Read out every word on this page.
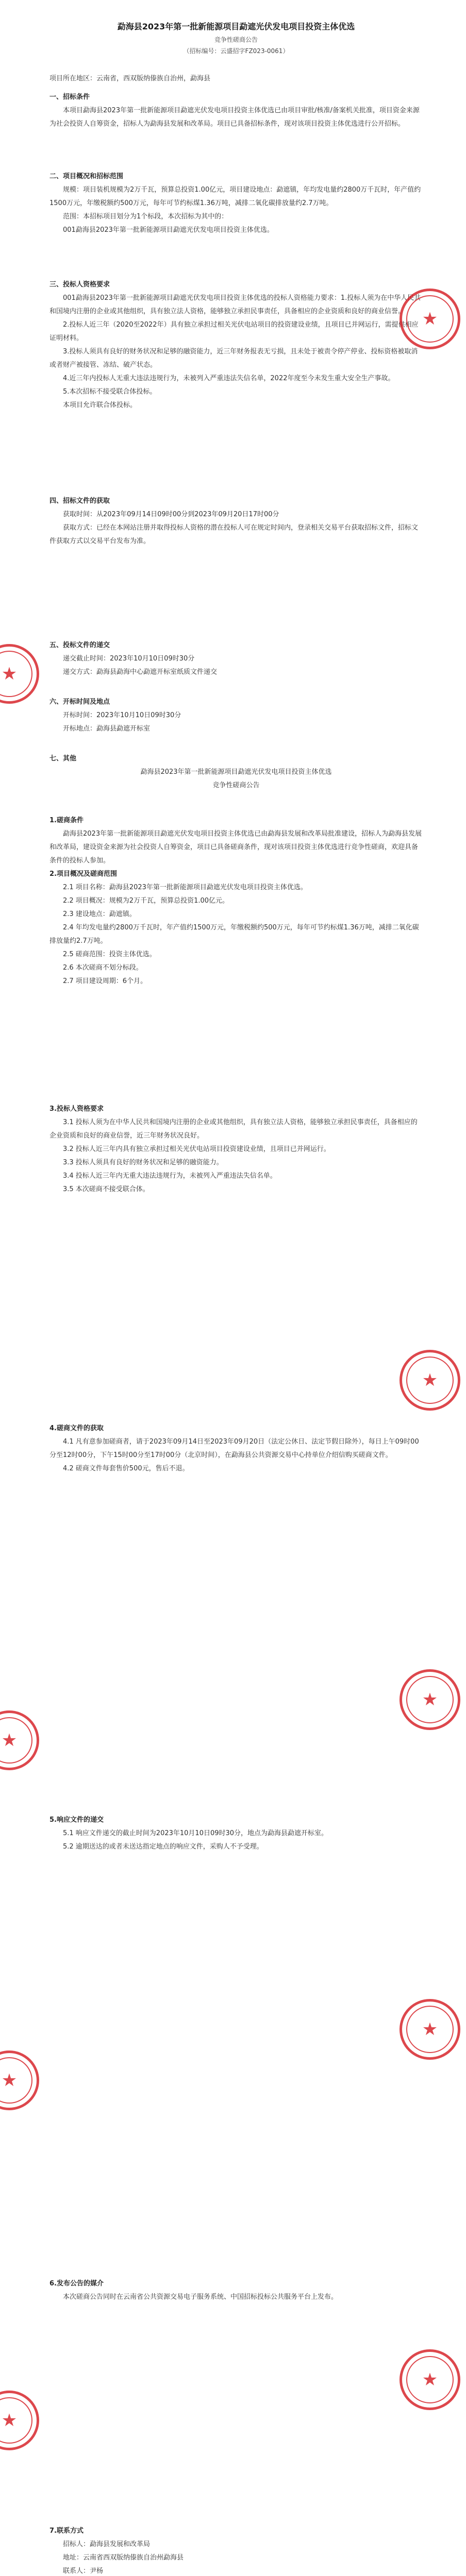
勐海县2023年第一批新能源项目勐遮光伏发电项目投资主体优选
竞争性磋商公告
（招标编号：云盛招字FZ023-0061）

项目所在地区：云南省，西双版纳傣族自治州，勐海县

一、招标条件

本项目勐海县2023年第一批新能源项目勐遮光伏发电项目投资主体优选已由项目审批/核准/备案机关批准，项目资金来源为社会投资人自筹资金，招标人为勐海县发展和改革局。项目已具备招标条件，现对该项目投资主体优选进行公开招标。

二、项目概况和招标范围

规模：项目装机规模为2万千瓦，预算总投资1.00亿元，项目建设地点：勐遮镇，年均发电量约2800万千瓦时，年产值约1500万元，年缴税额约500万元，每年可节约标煤1.36万吨，减排二氧化碳排放量约2.7万吨。

范围：本招标项目划分为1个标段，本次招标为其中的：

001勐海县2023年第一批新能源项目勐遮光伏发电项目投资主体优选。

三、投标人资格要求

001勐海县2023年第一批新能源项目勐遮光伏发电项目投资主体优选的投标人资格能力要求：1.投标人须为在中华人民共和国境内注册的企业或其他组织，具有独立法人资格，能够独立承担民事责任，具备相应的企业资质和良好的商业信誉。

2.投标人近三年（2020至2022年）具有独立承担过相关光伏电站项目的投资建设业绩，且项目已并网运行，需提供相应证明材料。

3.投标人须具有良好的财务状况和足够的融资能力，近三年财务报表无亏损，且未处于被责令停产停业、投标资格被取消或者财产被接管、冻结、破产状态。

4.近三年内投标人无重大违法违规行为，未被列入严重违法失信名单，2022年度至今未发生重大安全生产事故。

5.本次招标不接受联合体投标。

本项目允许联合体投标。

四、招标文件的获取

获取时间：从2023年09月14日09时00分到2023年09月20日17时00分

获取方式：已经在本网站注册并取得投标人资格的潜在投标人可在规定时间内，登录相关交易平台获取招标文件，招标文件获取方式以交易平台发布为准。

五、投标文件的递交

递交截止时间：2023年10月10日09时30分

递交方式：勐海县勐海中心勐遮开标室纸质文件递交

六、开标时间及地点

开标时间：2023年10月10日09时30分

开标地点：勐海县勐遮开标室

七、其他

勐海县2023年第一批新能源项目勐遮光伏发电项目投资主体优选

竞争性磋商公告

1.磋商条件

勐海县2023年第一批新能源项目勐遮光伏发电项目投资主体优选已由勐海县发展和改革局批准建设，招标人为勐海县发展和改革局，建设资金来源为社会投资人自筹资金，项目已具备磋商条件，现对该项目投资主体优选进行竞争性磋商，欢迎具备条件的投标人参加。

2.项目概况及磋商范围

2.1 项目名称：勐海县2023年第一批新能源项目勐遮光伏发电项目投资主体优选。

2.2 项目概况：规模为2万千瓦，预算总投资1.00亿元。

2.3 建设地点：勐遮镇。

2.4 年均发电量约2800万千瓦时，年产值约1500万元，年缴税额约500万元，每年可节约标煤1.36万吨，减排二氧化碳排放量约2.7万吨。

2.5 磋商范围：投资主体优选。

2.6 本次磋商不划分标段。

2.7 项目建设周期：6个月。

3.投标人资格要求

3.1 投标人须为在中华人民共和国境内注册的企业或其他组织，具有独立法人资格，能够独立承担民事责任，具备相应的企业资质和良好的商业信誉，近三年财务状况良好。

3.2 投标人近三年内具有独立承担过相关光伏电站项目投资建设业绩，且项目已并网运行。

3.3 投标人须具有良好的财务状况和足够的融资能力。

3.4 投标人近三年内无重大违法违规行为，未被列入严重违法失信名单。

3.5 本次磋商不接受联合体。

4.磋商文件的获取

4.1 凡有意参加磋商者，请于2023年09月14日至2023年09月20日（法定公休日、法定节假日除外），每日上午09时00分至12时00分，下午15时00分至17时00分（北京时间），在勐海县公共资源交易中心持单位介绍信购买磋商文件。

4.2 磋商文件每套售价500元，售后不退。

5.响应文件的递交

5.1 响应文件递交的截止时间为2023年10月10日09时30分，地点为勐海县勐遮开标室。

5.2 逾期送达的或者未送达指定地点的响应文件，采购人不予受理。

6.发布公告的媒介

本次磋商公告同时在云南省公共资源交易电子服务系统、中国招标投标公共服务平台上发布。

7.联系方式

招标人：勐海县发展和改革局

地址：云南省西双版纳傣族自治州勐海县

联系人：尹杨

★
★
★
★
★
★
★
★
★
